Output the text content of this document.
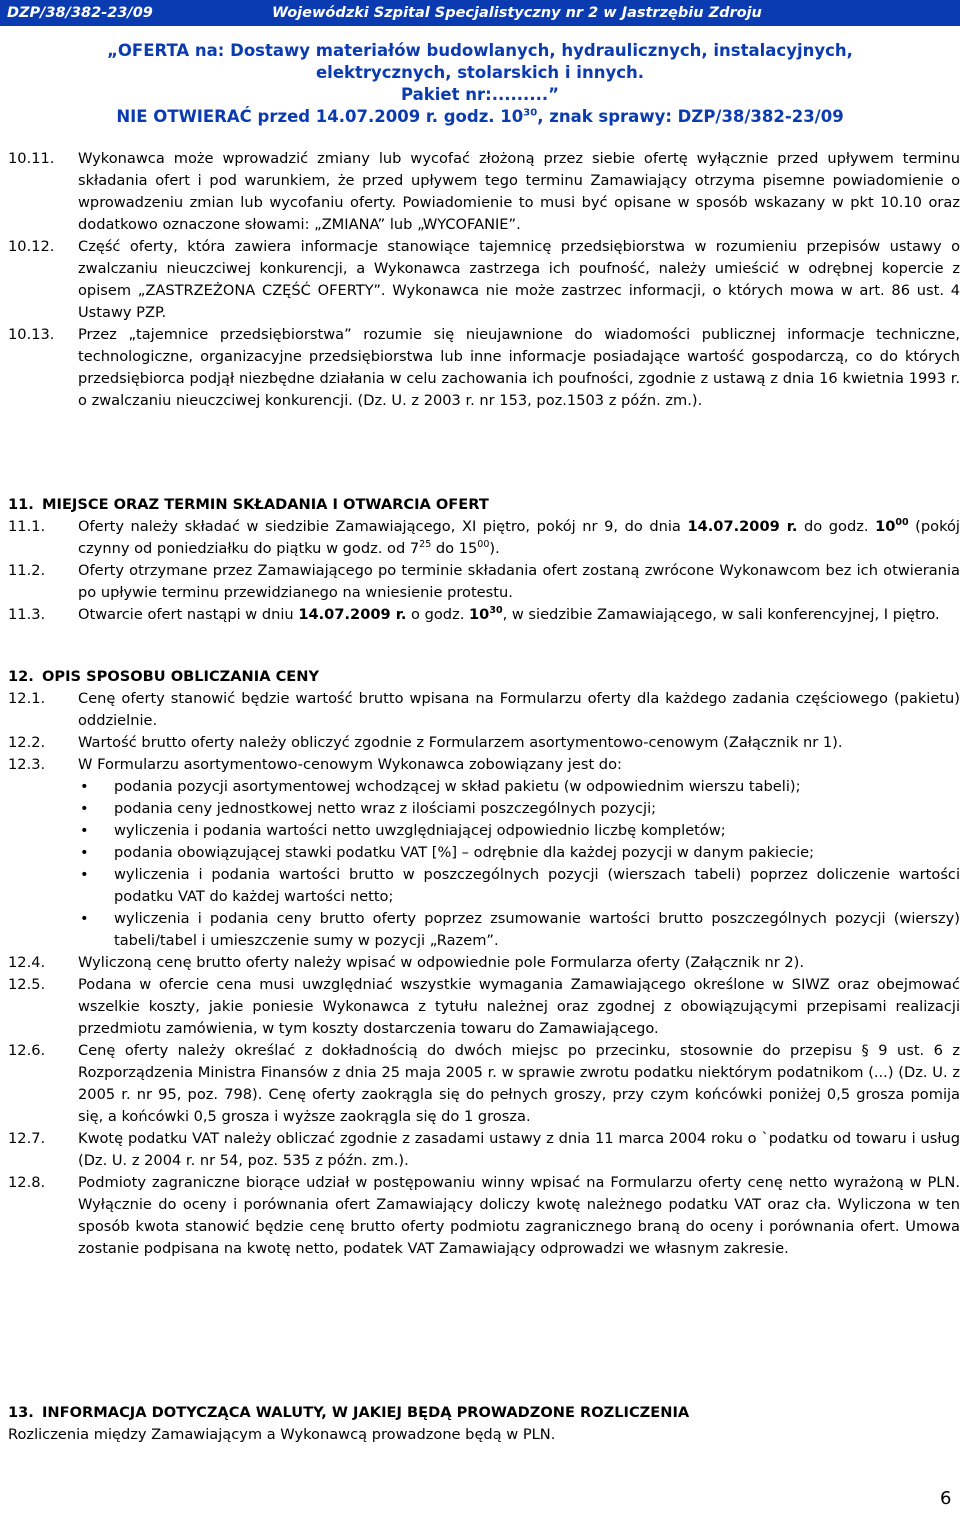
DZP/38/382-23/09	Wojewódzki Szpital Specjalistyczny nr 2 w Jastrzębiu Zdroju
„OFERTA na: Dostawy materiałów budowlanych, hydraulicznych, instalacyjnych,
elektrycznych, stolarskich i innych.
Pakiet nr:.........”
NIE OTWIERAĆ przed 14.07.2009 r. godz. $10^{30}$, znak sprawy: DZP/38/382-23/09
10.11. Wykonawca może wprowadzić zmiany lub wycofać złożoną przez siebie ofertę wyłącznie przed upływem terminu składania ofert i pod warunkiem, że przed upływem tego terminu Zamawiający otrzyma pisemne powiadomienie o wprowadzeniu zmian lub wycofaniu oferty. Powiadomienie to musi być opisane w sposób wskazany w pkt 10.10 oraz dodatkowo oznaczone słowami: „ZMIANA” lub „WYCOFANIE”.
10.12. Część oferty, która zawiera informacje stanowiące tajemnicę przedsiębiorstwa w rozumieniu przepisów ustawy o zwalczaniu nieuczciwej konkurencji, a Wykonawca zastrzega ich poufność, należy umieścić w odrębnej kopercie z opisem „ZASTRZEŻONA CZĘŚĆ OFERTY”. Wykonawca nie może zastrzec informacji, o których mowa w art. 86 ust. 4 Ustawy PZP.
10.13. Przez „tajemnice przedsiębiorstwa” rozumie się nieujawnione do wiadomości publicznej informacje techniczne, technologiczne, organizacyjne przedsiębiorstwa lub inne informacje posiadające wartość gospodarczą, co do których przedsiębiorca podjął niezbędne działania w celu zachowania ich poufności, zgodnie z ustawą z dnia 16 kwietnia 1993 r. o zwalczaniu nieuczciwej konkurencji. (Dz. U. z 2003 r. nr 153, poz.1503 z późn. zm.).
11. MIEJSCE ORAZ TERMIN SKŁADANIA I OTWARCIA OFERT
11.1. Oferty należy składać w siedzibie Zamawiającego, XI piętro, pokój nr 9, do dnia 14.07.2009 r. do godz. $10^{00}$ (pokój czynny od poniedziałku do piątku w godz. od $7^{25}$ do $15^{00}$).
11.2. Oferty otrzymane przez Zamawiającego po terminie składania ofert zostaną zwrócone Wykonawcom bez ich otwierania po upływie terminu przewidzianego na wniesienie protestu.
11.3. Otwarcie ofert nastąpi w dniu 14.07.2009 r. o godz. $10^{30}$, w siedzibie Zamawiającego, w sali konferencyjnej, I piętro.
12. OPIS SPOSOBU OBLICZANIA CENY
12.1. Cenę oferty stanowić będzie wartość brutto wpisana na Formularzu oferty dla każdego zadania częściowego (pakietu) oddzielnie.
12.2. Wartość brutto oferty należy obliczyć zgodnie z Formularzem asortymentowo-cenowym (Załącznik nr 1).
12.3. W Formularzu asortymentowo-cenowym Wykonawca zobowiązany jest do:
• podania pozycji asortymentowej wchodzącej w skład pakietu (w odpowiednim wierszu tabeli);
• podania ceny jednostkowej netto wraz z ilościami poszczególnych pozycji;
• wyliczenia i podania wartości netto uwzględniającej odpowiednio liczbę kompletów;
• podania obowiązującej stawki podatku VAT [%] – odrębnie dla każdej pozycji w danym pakiecie;
• wyliczenia i podania wartości brutto w poszczególnych pozycji (wierszach tabeli) poprzez doliczenie wartości podatku VAT do każdej wartości netto;
• wyliczenia i podania ceny brutto oferty poprzez zsumowanie wartości brutto poszczególnych pozycji (wierszy) tabeli/tabel i umieszczenie sumy w pozycji „Razem”.
12.4. Wyliczoną cenę brutto oferty należy wpisać w odpowiednie pole Formularza oferty (Załącznik nr 2).
12.5. Podana w ofercie cena musi uwzględniać wszystkie wymagania Zamawiającego określone w SIWZ oraz obejmować wszelkie koszty, jakie poniesie Wykonawca z tytułu należnej oraz zgodnej z obowiązującymi przepisami realizacji przedmiotu zamówienia, w tym koszty dostarczenia towaru do Zamawiającego.
12.6. Cenę oferty należy określać z dokładnością do dwóch miejsc po przecinku, stosownie do przepisu § 9 ust. 6 z Rozporządzenia Ministra Finansów z dnia 25 maja 2005 r. w sprawie zwrotu podatku niektórym podatnikom (...) (Dz. U. z 2005 r. nr 95, poz. 798). Cenę oferty zaokrągla się do pełnych groszy, przy czym końcówki poniżej 0,5 grosza pomija się, a końcówki 0,5 grosza i wyższe zaokrągla się do 1 grosza.
12.7. Kwotę podatku VAT należy obliczać zgodnie z zasadami ustawy z dnia 11 marca 2004 roku o `podatku od towaru i usług (Dz. U. z 2004 r. nr 54, poz. 535 z późn. zm.).
12.8. Podmioty zagraniczne biorące udział w postępowaniu winny wpisać na Formularzu oferty cenę netto wyrażoną w PLN. Wyłącznie do oceny i porównania ofert Zamawiający doliczy kwotę należnego podatku VAT oraz cła. Wyliczona w ten sposób kwota stanowić będzie cenę brutto oferty podmiotu zagranicznego braną do oceny i porównania ofert. Umowa zostanie podpisana na kwotę netto, podatek VAT Zamawiający odprowadzi we własnym zakresie.
13. INFORMACJA DOTYCZĄCA WALUTY, W JAKIEJ BĘDĄ PROWADZONE ROZLICZENIA
Rozliczenia między Zamawiającym a Wykonawcą prowadzone będą w PLN.
6
